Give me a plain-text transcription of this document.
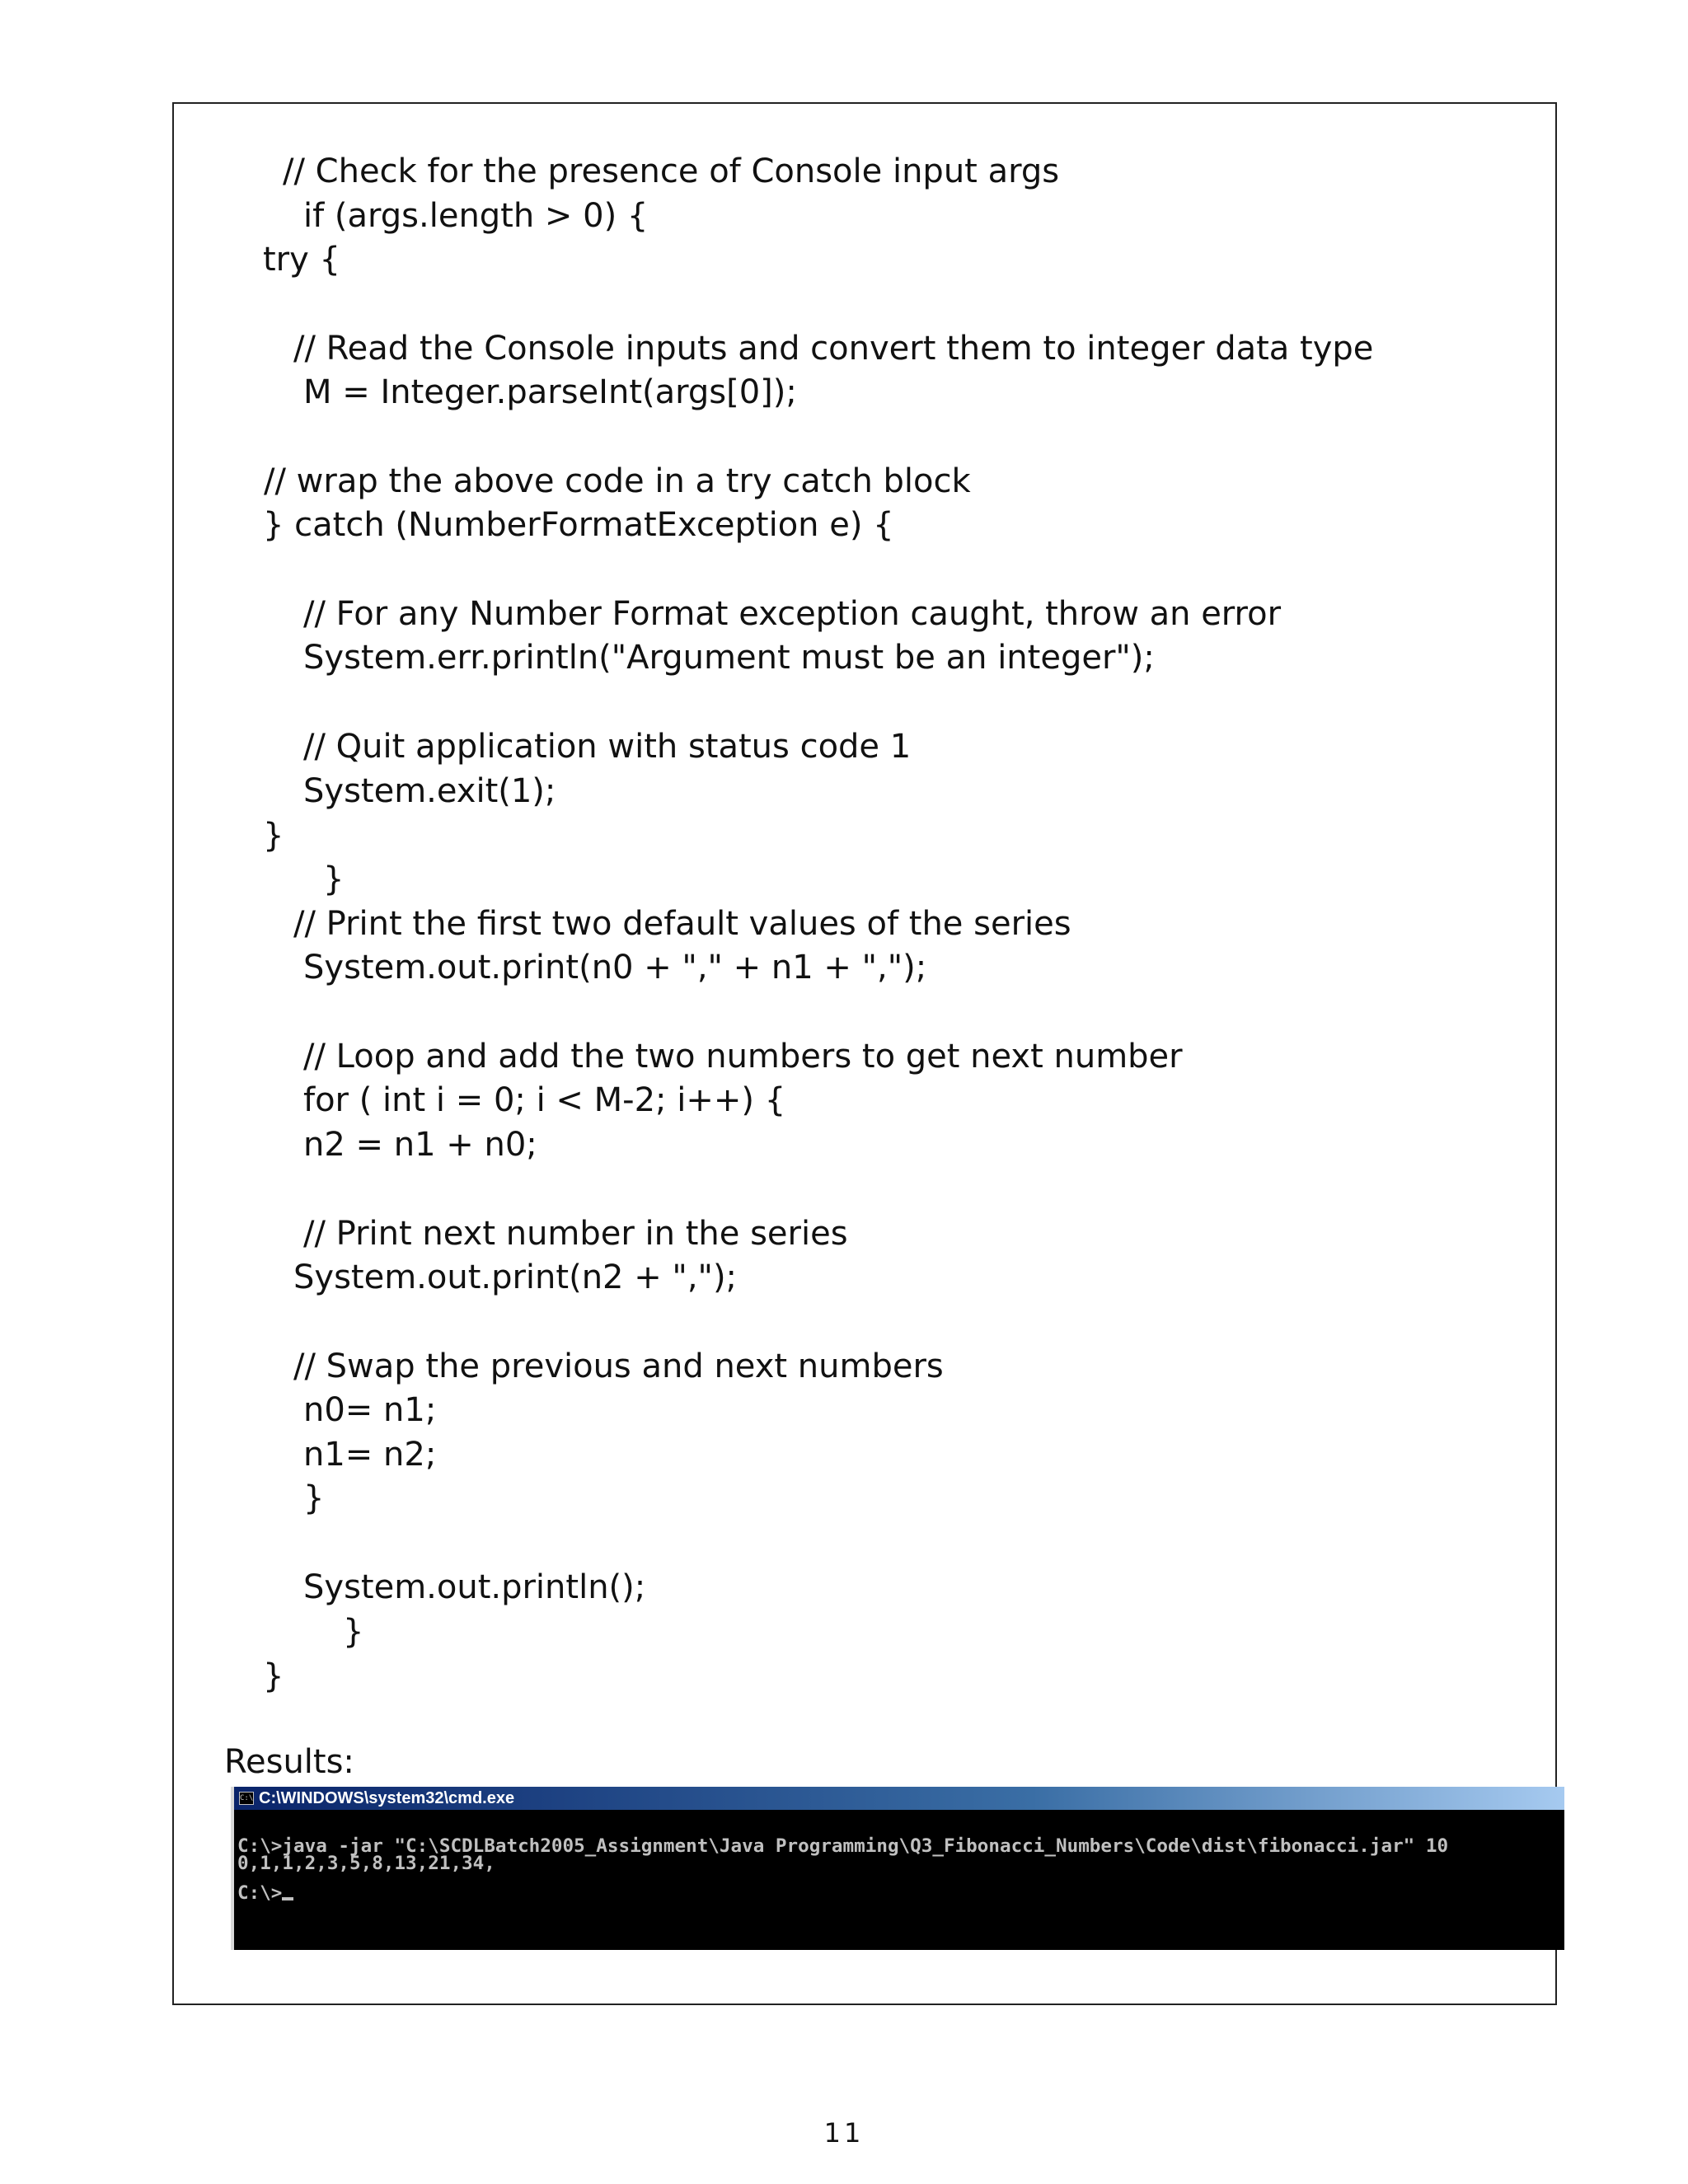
// Check for the presence of Console input args
if (args.length > 0) {
try {
// Read the Console inputs and convert them to integer data type
M = Integer.parseInt(args[0]);
// wrap the above code in a try catch block
} catch (NumberFormatException e) {
// For any Number Format exception caught, throw an error
System.err.println("Argument must be an integer");
// Quit application with status code 1
System.exit(1);
}
}
// Print the first two default values of the series
System.out.print(n0 + "," + n1 + ",");
// Loop and add the two numbers to get next number
for ( int i = 0; i < M-2; i++) {
n2 = n1 + n0;
// Print next number in the series
System.out.print(n2 + ",");
// Swap the previous and next numbers
n0= n1;
n1= n2;
}
System.out.println();
}
}
Results:
C:\ C:\WINDOWS\system32\cmd.exe
C:\>java -jar "C:\SCDLBatch2005_Assignment\Java Programming\Q3_Fibonacci_Numbers\Code\dist\fibonacci.jar" 10
0,1,1,2,3,5,8,13,21,34,
C:\>
11
